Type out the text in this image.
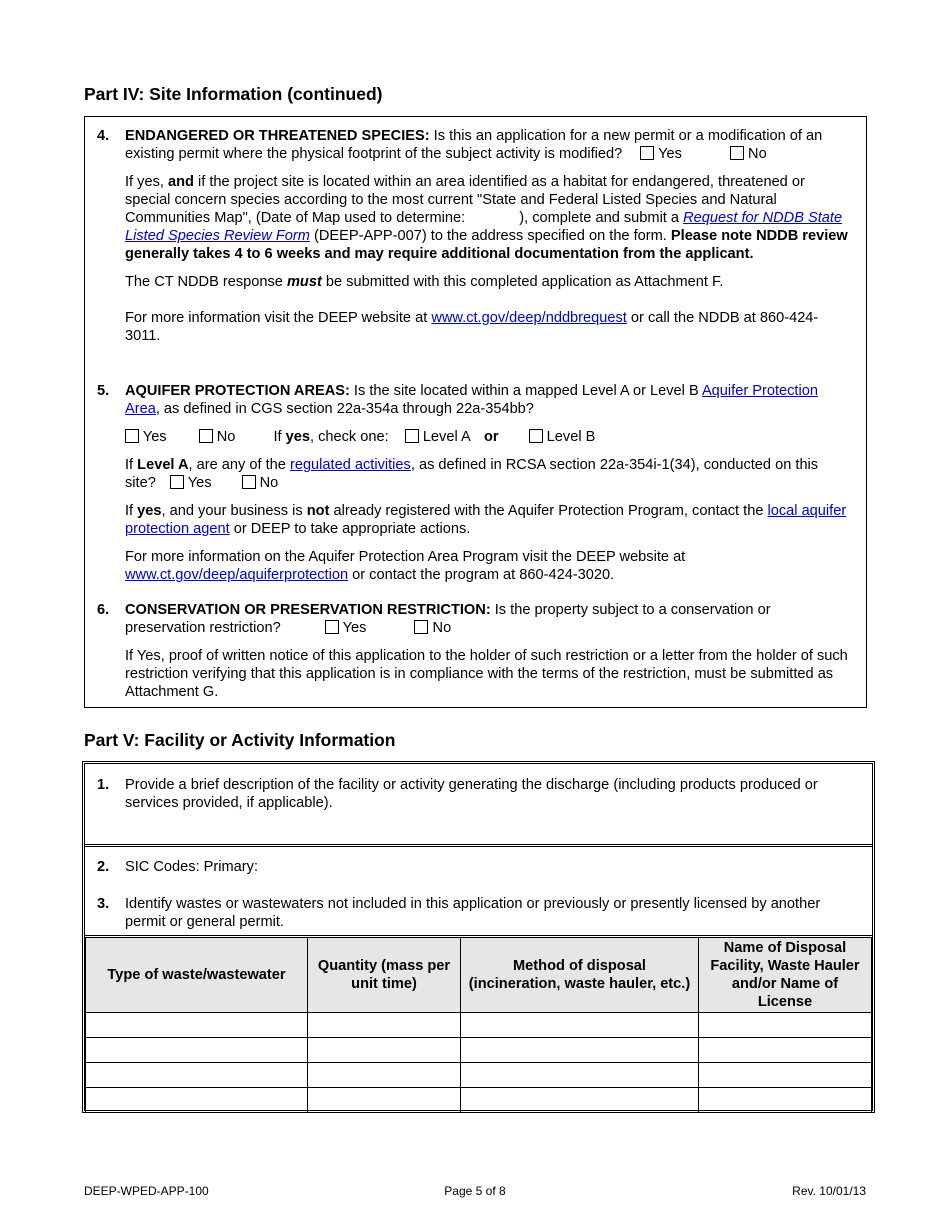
Part IV: Site Information (continued)
4. ENDANGERED OR THREATENED SPECIES: Is this an application for a new permit or a modification of an existing permit where the physical footprint of the subject activity is modified? Yes	No
If yes, and if the project site is located within an area identified as a habitat for endangered, threatened or special concern species according to the most current "State and Federal Listed Species and Natural Communities Map", (Date of Map used to determine:	), complete and submit a Request for NDDB State Listed Species Review Form (DEEP-APP-007) to the address specified on the form. Please note NDDB review generally takes 4 to 6 weeks and may require additional documentation from the applicant.
The CT NDDB response must be submitted with this completed application as Attachment F.
For more information visit the DEEP website at www.ct.gov/deep/nddbrequest or call the NDDB at 860-424-3011.
5. AQUIFER PROTECTION AREAS: Is the site located within a mapped Level A or Level B Aquifer Protection Area, as defined in CGS section 22a-354a through 22a-354bb?
Yes	No	If yes, check one: Level A or	Level B
If Level A, are any of the regulated activities, as defined in RCSA section 22a-354i-1(34), conducted on this site? Yes	No
If yes, and your business is not already registered with the Aquifer Protection Program, contact the local aquifer protection agent or DEEP to take appropriate actions.
For more information on the Aquifer Protection Area Program visit the DEEP website at www.ct.gov/deep/aquiferprotection or contact the program at 860-424-3020.
6. CONSERVATION OR PRESERVATION RESTRICTION: Is the property subject to a conservation or preservation restriction?	Yes	No
If Yes, proof of written notice of this application to the holder of such restriction or a letter from the holder of such restriction verifying that this application is in compliance with the terms of the restriction, must be submitted as Attachment G.
Part V: Facility or Activity Information
1. Provide a brief description of the facility or activity generating the discharge (including products produced or services provided, if applicable).
2. SIC Codes: Primary:
3. Identify wastes or wastewaters not included in this application or previously or presently licensed by another permit or general permit.
Type of waste/wastewater	Quantity (mass per unit time)	Method of disposal (incineration, waste hauler, etc.)	Name of Disposal Facility, Waste Hauler and/or Name of License

DEEP-WPED-APP-100	Page 5 of 8	Rev. 10/01/13
